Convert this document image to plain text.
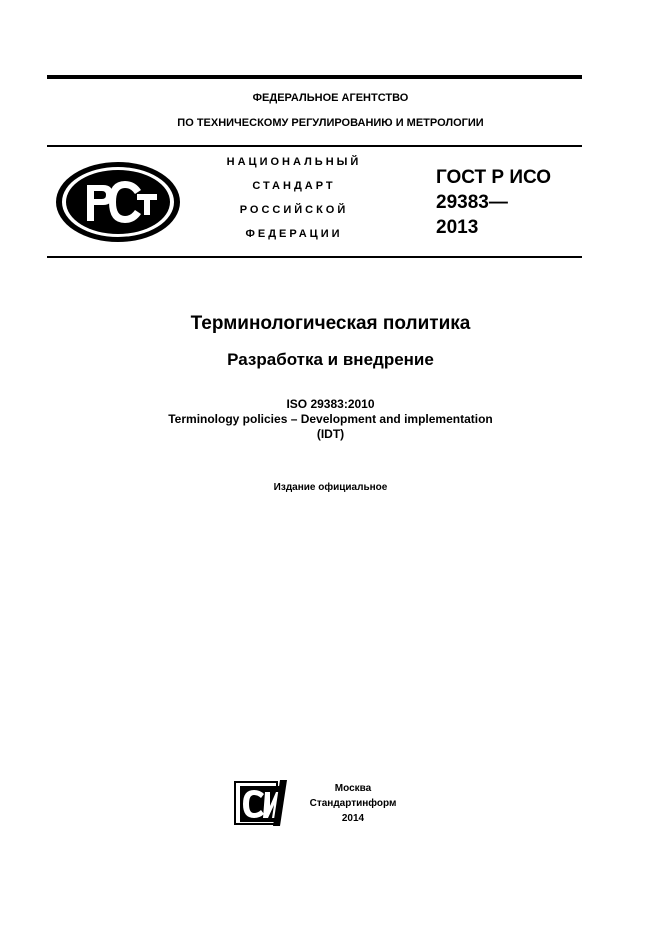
ФЕДЕРАЛЬНОЕ АГЕНТСТВО
ПО ТЕХНИЧЕСКОМУ РЕГУЛИРОВАНИЮ И МЕТРОЛОГИИ
НАЦИОНАЛЬНЫЙ
СТАНДАРТ
РОССИЙСКОЙ
ФЕДЕРАЦИИ
ГОСТ Р ИСО
29383—
2013
Терминологическая политика
Разработка и внедрение
ISO 29383:2010
Terminology policies – Development and implementation
(IDT)
Издание официальное
Москва
Стандартинформ
2014
